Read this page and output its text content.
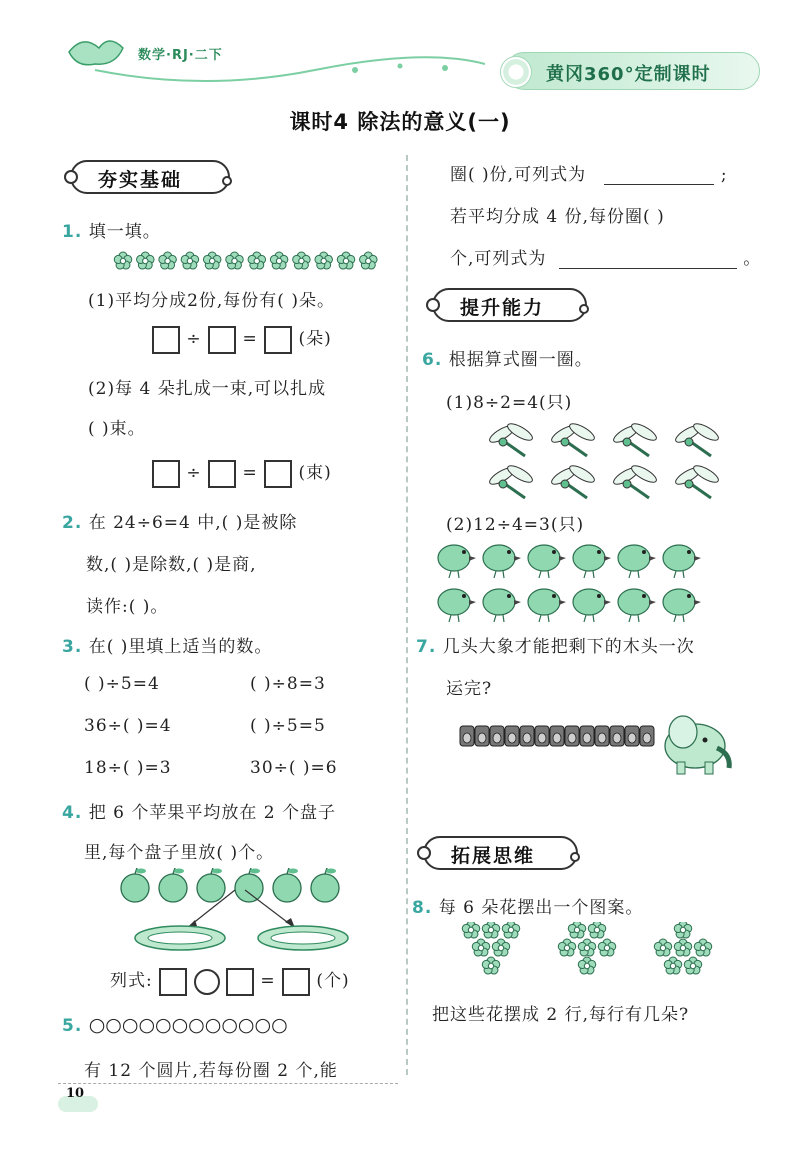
数学·RJ·二下
黄冈360°定制课时
课时4 除法的意义(一)
夯实基础
1. 填一填。
(1)平均分成2份,每份有( )朵。
÷ = (朵)
(2)每 4 朵扎成一束,可以扎成
( )束。
÷ = (束)
2. 在 24÷6=4 中,( )是被除
数,( )是除数,( )是商,
读作:( )。
3. 在( )里填上适当的数。
( )÷5=4	( )÷8=3
36÷( )=4	( )÷5=5
18÷( )=3	30÷( )=6
4. 把 6 个苹果平均放在 2 个盘子
里,每个盘子里放( )个。
列式:	= (个)
5. ○○○○○○○○○○○○
有 12 个圆片,若每份圈 2 个,能
圈( )份,可列式为	;
若平均分成 4 份,每份圈( )
个,可列式为	。
提升能力
6. 根据算式圈一圈。
(1)8÷2=4(只)
(2)12÷4=3(只)
7. 几头大象才能把剩下的木头一次
运完?
拓展思维
8. 每 6 朵花摆出一个图案。
把这些花摆成 2 行,每行有几朵?
10
